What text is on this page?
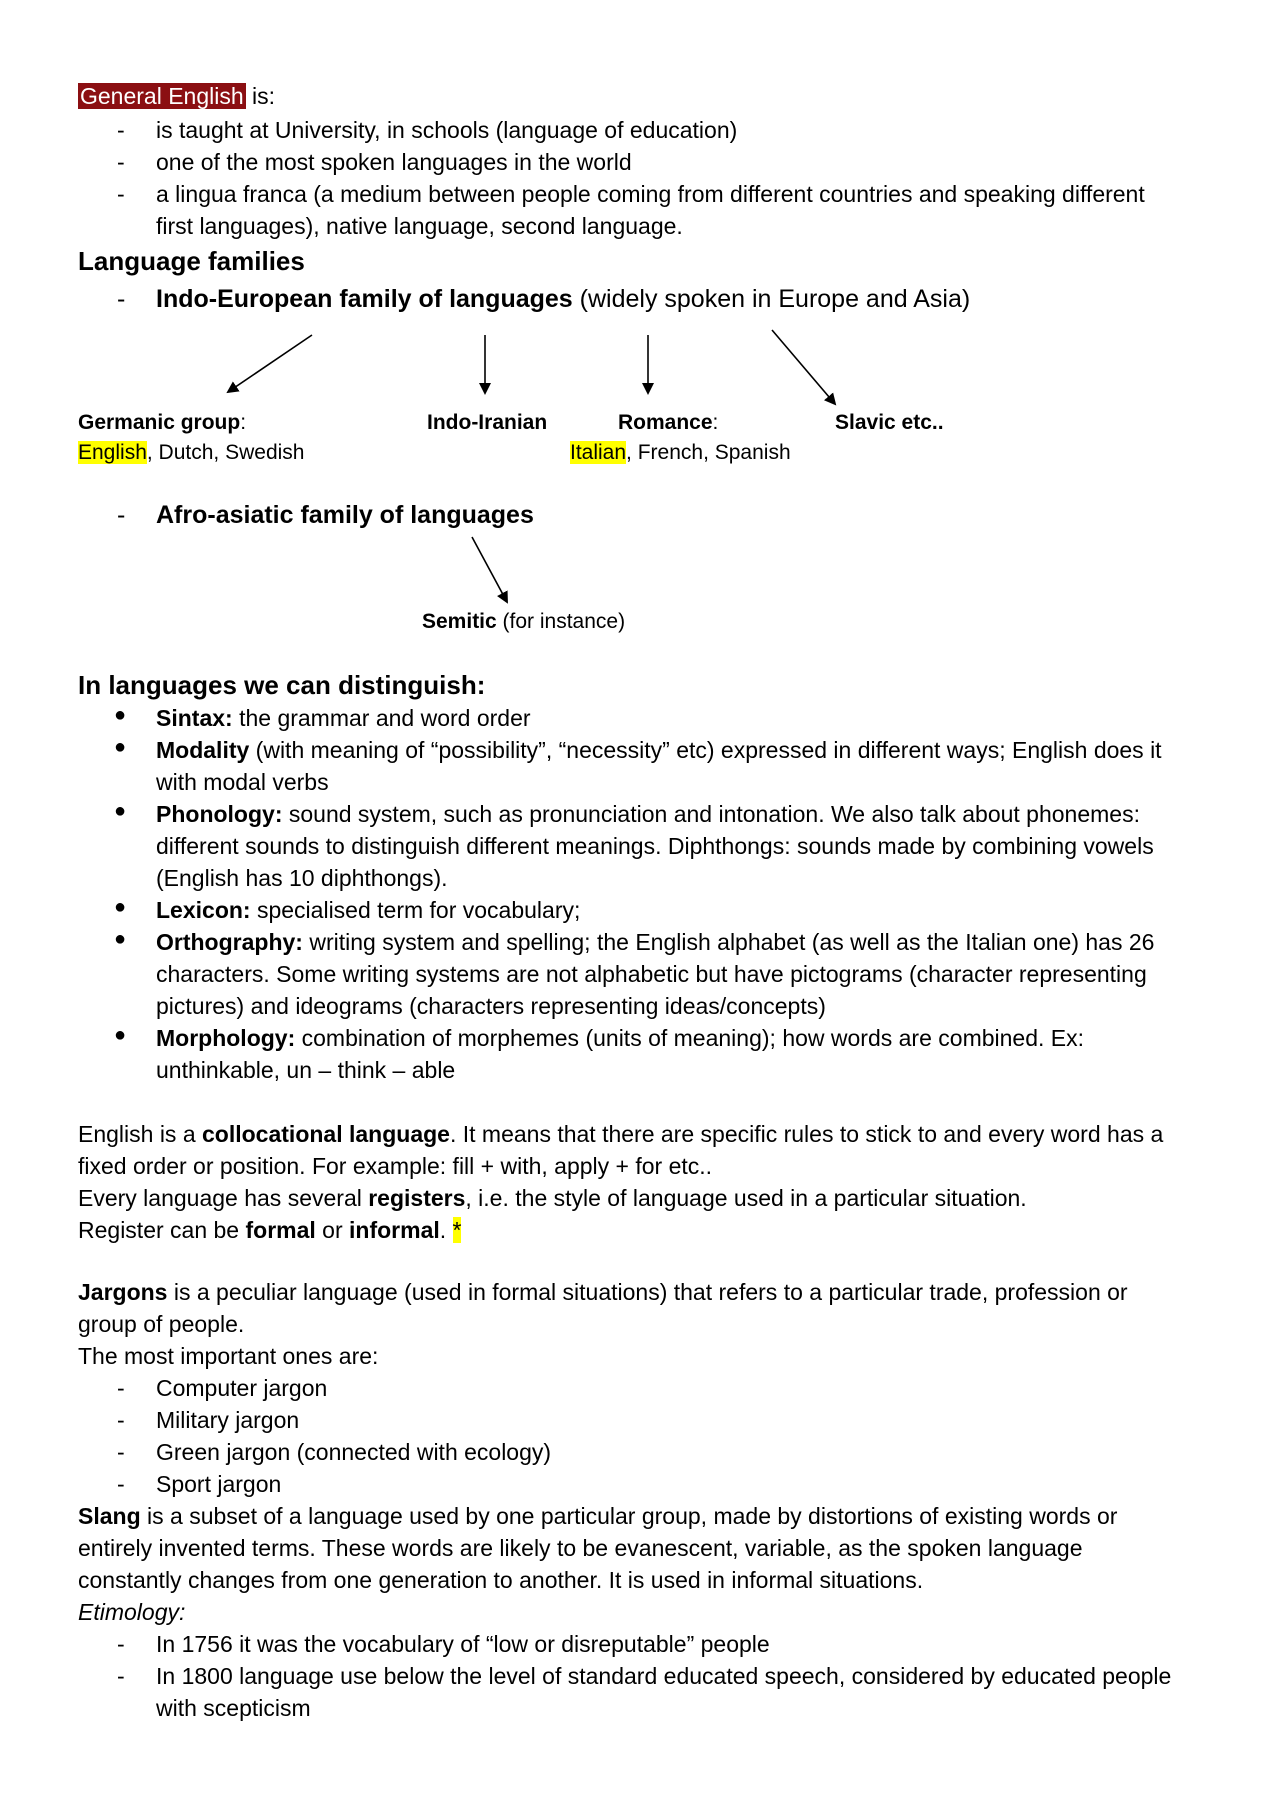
General English is:
- is taught at University, in schools (language of education)
- one of the most spoken languages in the world
- a lingua franca (a medium between people coming from different countries and speaking different
first languages), native language, second language.
Language families
- Indo-European family of languages (widely spoken in Europe and Asia)
Germanic group:
English, Dutch, Swedish
Indo-Iranian	Romance:
Italian, French, Spanish
Slavic etc..
- Afro-asiatic family of languages
Semitic (for instance)
In languages we can distinguish:
● Sintax: the grammar and word order
● Modality (with meaning of “possibility”, “necessity” etc) expressed in different ways; English does it
with modal verbs
● Phonology: sound system, such as pronunciation and intonation. We also talk about phonemes:
different sounds to distinguish different meanings. Diphthongs: sounds made by combining vowels
(English has 10 diphthongs).
● Lexicon: specialised term for vocabulary;
● Orthography: writing system and spelling; the English alphabet (as well as the Italian one) has 26
characters. Some writing systems are not alphabetic but have pictograms (character representing
pictures) and ideograms (characters representing ideas/concepts)
● Morphology: combination of morphemes (units of meaning); how words are combined. Ex:
unthinkable, un – think – able
English is a collocational language. It means that there are specific rules to stick to and every word has a
fixed order or position. For example: fill + with, apply + for etc..
Every language has several registers, i.e. the style of language used in a particular situation.
Register can be formal or informal. *
Jargons is a peculiar language (used in formal situations) that refers to a particular trade, profession or
group of people.
The most important ones are:
- Computer jargon
- Military jargon
- Green jargon (connected with ecology)
- Sport jargon
Slang is a subset of a language used by one particular group, made by distortions of existing words or
entirely invented terms. These words are likely to be evanescent, variable, as the spoken language
constantly changes from one generation to another. It is used in informal situations.
Etimology:
- In 1756 it was the vocabulary of “low or disreputable” people
- In 1800 language use below the level of standard educated speech, considered by educated people
with scepticism
